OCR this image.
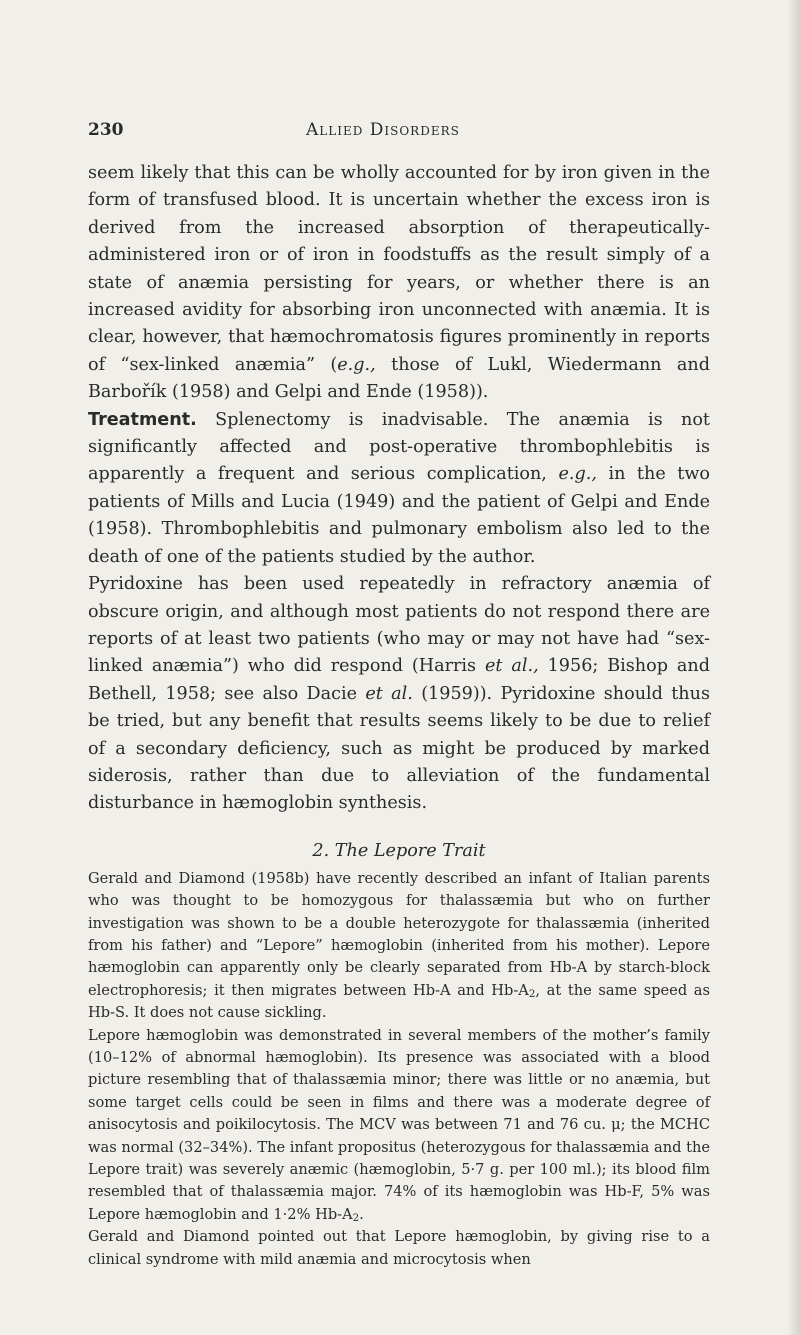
230	Allied Disorders

seem likely that this can be wholly accounted for by iron given in the form of transfused blood. It is uncertain whether the excess iron is derived from the increased absorption of therapeutically-administered iron or of iron in foodstuffs as the result simply of a state of anæmia persisting for years, or whether there is an increased avidity for absorbing iron unconnected with anæmia. It is clear, however, that hæmochromatosis figures prominently in reports of “sex-linked anæmia” (e.g., those of Lukl, Wiedermann and Barbořík (1958) and Gelpi and Ende (1958)).

Treatment. Splenectomy is inadvisable. The anæmia is not significantly affected and post-operative thrombophlebitis is apparently a frequent and serious complication, e.g., in the two patients of Mills and Lucia (1949) and the patient of Gelpi and Ende (1958). Thrombophlebitis and pulmonary embolism also led to the death of one of the patients studied by the author.

Pyridoxine has been used repeatedly in refractory anæmia of obscure origin, and although most patients do not respond there are reports of at least two patients (who may or may not have had “sex-linked anæmia”) who did respond (Harris et al., 1956; Bishop and Bethell, 1958; see also Dacie et al. (1959)). Pyridoxine should thus be tried, but any benefit that results seems likely to be due to relief of a secondary deficiency, such as might be produced by marked siderosis, rather than due to alleviation of the fundamental disturbance in hæmoglobin synthesis.

2. The Lepore Trait

Gerald and Diamond (1958b) have recently described an infant of Italian parents who was thought to be homozygous for thalassæmia but who on further investigation was shown to be a double heterozygote for thalassæmia (inherited from his father) and “Lepore” hæmoglobin (inherited from his mother). Lepore hæmoglobin can apparently only be clearly separated from Hb-A by starch-block electrophoresis; it then migrates between Hb-A and $Hb-A_2$, at the same speed as Hb-S. It does not cause sickling.

Lepore hæmoglobin was demonstrated in several members of the mother’s family (10–12% of abnormal hæmoglobin). Its presence was associated with a blood picture resembling that of thalassæmia minor; there was little or no anæmia, but some target cells could be seen in films and there was a moderate degree of anisocytosis and poikilocytosis. The MCV was between 71 and 76 cu. μ; the MCHC was normal (32–34%). The infant propositus (heterozygous for thalassæmia and the Lepore trait) was severely anæmic (hæmoglobin, 5·7 g. per 100 ml.); its blood film resembled that of thalassæmia major. 74% of its hæmoglobin was Hb-F, 5% was Lepore hæmoglobin and 1·2% $Hb-A_2$.

Gerald and Diamond pointed out that Lepore hæmoglobin, by giving rise to a clinical syndrome with mild anæmia and microcytosis when
